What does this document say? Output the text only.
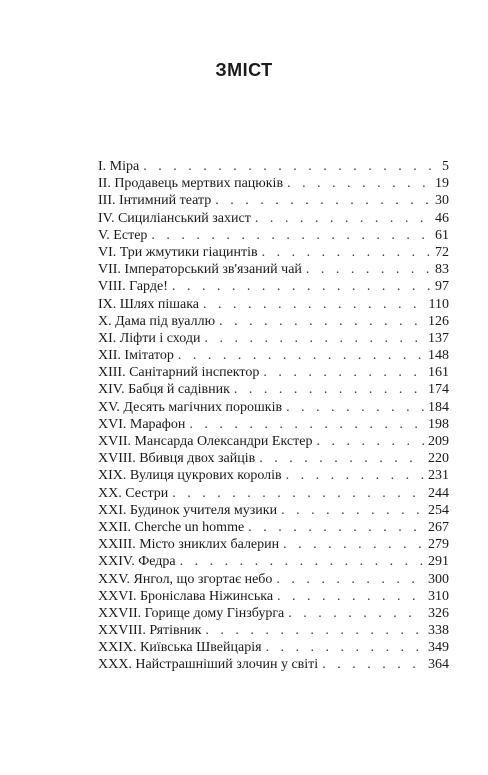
ЗМІСТ
I. Міра . . .	5
II. Продавець мертвих пацюків . . .	19
III. Інтимний театр . . .	30
IV. Сициліанський захист . . .	46
V. Естер . . .	61
VI. Три жмутики гіацинтів . . .	72
VII. Імператорський зв'язаний чай . . .	83
VIII. Гарде! . . .	97
IX. Шлях пішака . . .	110
X. Дама під вуаллю . . .	126
XI. Ліфти і сходи . . .	137
XII. Імітатор . . .	148
XIII. Санітарний інспектор . . .	161
XIV. Бабця й садівник . . .	174
XV. Десять магічних порошків . . .	184
XVI. Марафон . . .	198
XVII. Мансарда Олександри Екстер . . .	209
XVIII. Вбивця двох зайців . . .	220
XIX. Вулиця цукрових королів . . .	231
XX. Сестри . . .	244
XXI. Будинок учителя музики . . .	254
XXII. Cherche un homme . . .	267
XXIII. Місто зниклих балерин . . .	279
XXIV. Федра . . .	291
XXV. Янгол, що згортає небо . . .	300
XXVI. Броніслава Ніжинська . . .	310
XXVII. Горище дому Гінзбурга . . .	326
XXVIII. Рятівник . . .	338
XXIX. Київська Швейцарія . . .	349
XXX. Найстрашніший злочин у світі . . .	364
